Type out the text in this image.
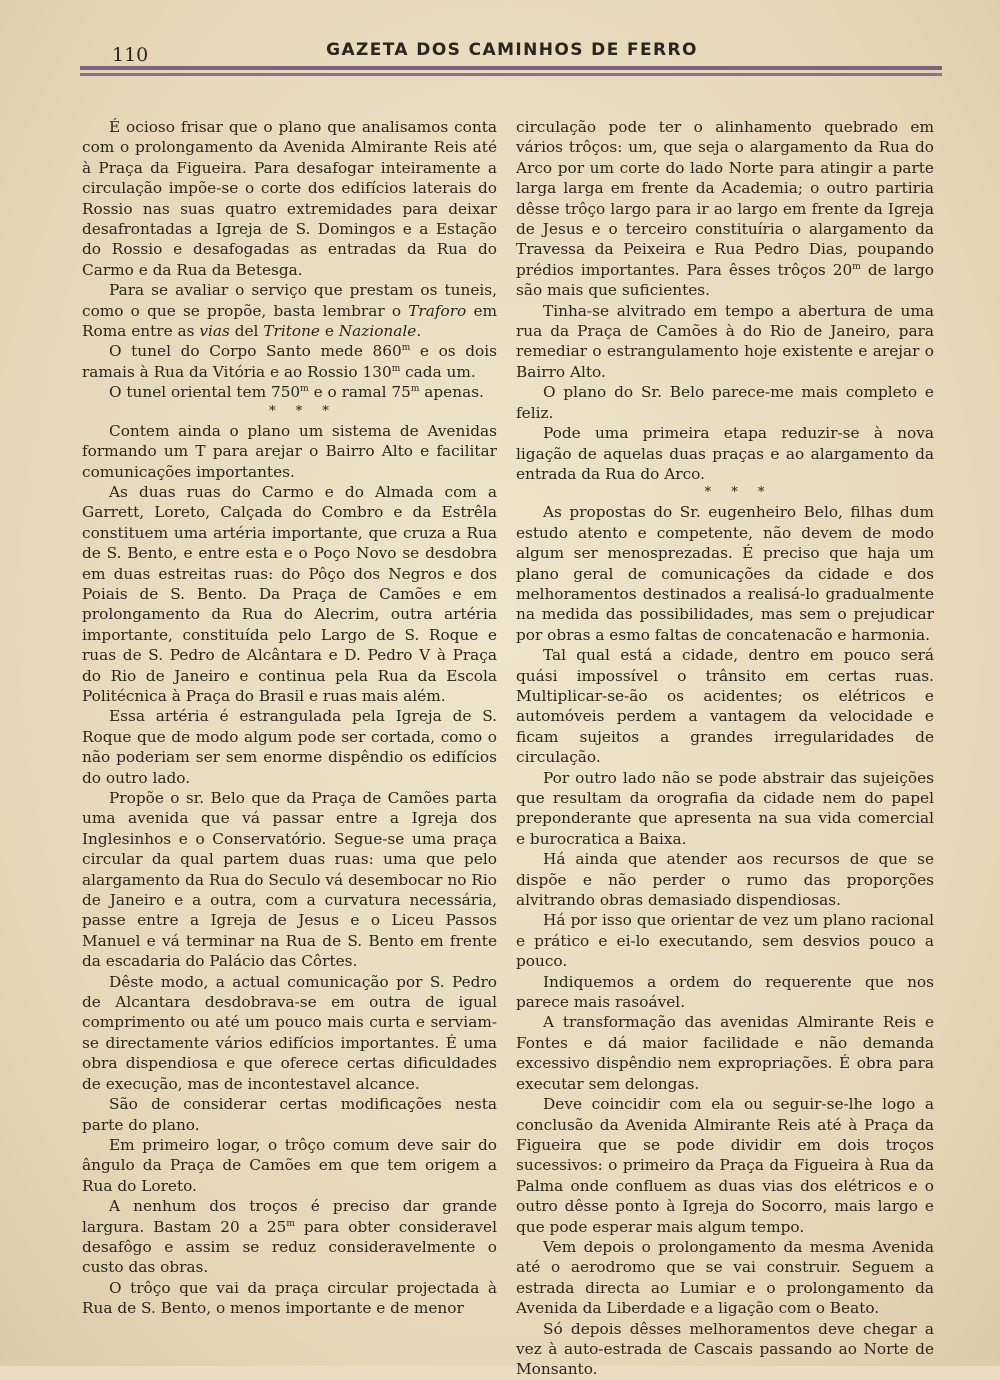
110	GAZETA DOS CAMINHOS DE FERRO

É ocioso frisar que o plano que analisamos conta com o prolongamento da Avenida Almirante Reis até à Praça da Figueira. Para desafogar inteiramente a circulação impõe-se o corte dos edifícios laterais do Rossio nas suas quatro extremidades para deixar desafrontadas a Igreja de S. Domingos e a Estação do Rossio e desafogadas as entradas da Rua do Carmo e da Rua da Betesga.

Para se avaliar o serviço que prestam os tuneis, como o que se propõe, basta lembrar o Traforo em Roma entre as vias del Tritone e Nazionale.

O tunel do Corpo Santo mede 860$^m$ e os dois ramais à Rua da Vitória e ao Rossio 130$^m$ cada um.

O tunel oriental tem 750$^m$ e o ramal 75$^m$ apenas.

* * *

Contem ainda o plano um sistema de Avenidas formando um T para arejar o Bairro Alto e facilitar comunicações importantes.

As duas ruas do Carmo e do Almada com a Garrett, Loreto, Calçada do Combro e da Estrêla constituem uma artéria importante, que cruza a Rua de S. Bento, e entre esta e o Poço Novo se desdobra em duas estreitas ruas: do Pôço dos Negros e dos Poiais de S. Bento. Da Praça de Camões e em prolongamento da Rua do Alecrim, outra artéria importante, constituída pelo Largo de S. Roque e ruas de S. Pedro de Alcântara e D. Pedro V à Praça do Rio de Janeiro e continua pela Rua da Escola Politécnica à Praça do Brasil e ruas mais além.

Essa artéria é estrangulada pela Igreja de S. Roque que de modo algum pode ser cortada, como o não poderiam ser sem enorme dispêndio os edifícios do outro lado.

Propõe o sr. Belo que da Praça de Camões parta uma avenida que vá passar entre a Igreja dos Inglesinhos e o Conservatório. Segue-se uma praça circular da qual partem duas ruas: uma que pelo alargamento da Rua do Seculo vá desembocar no Rio de Janeiro e a outra, com a curvatura necessária, passe entre a Igreja de Jesus e o Liceu Passos Manuel e vá terminar na Rua de S. Bento em frente da escadaria do Palácio das Côrtes.

Dêste modo, a actual comunicação por S. Pedro de Alcantara desdobrava-se em outra de igual comprimento ou até um pouco mais curta e serviam-se directamente vários edifícios importantes. É uma obra dispendiosa e que oferece certas dificuldades de execução, mas de incontestavel alcance.

São de considerar certas modificações nesta parte do plano.

Em primeiro logar, o trôço comum deve sair do ângulo da Praça de Camões em que tem origem a Rua do Loreto.

A nenhum dos troços é preciso dar grande largura. Bastam 20 a 25$^m$ para obter consideravel desafôgo e assim se reduz consideravelmente o custo das obras.

O trôço que vai da praça circular projectada à Rua de S. Bento, o menos importante e de menor

circulação pode ter o alinhamento quebrado em vários trôços: um, que seja o alargamento da Rua do Arco por um corte do lado Norte para atingir a parte larga larga em frente da Academia; o outro partiria dêsse trôço largo para ir ao largo em frente da Igreja de Jesus e o terceiro constituíria o alargamento da Travessa da Peixeira e Rua Pedro Dias, poupando prédios importantes. Para êsses trôços 20$^m$ de largo são mais que suficientes.

Tinha-se alvitrado em tempo a abertura de uma rua da Praça de Camões à do Rio de Janeiro, para remediar o estrangulamento hoje existente e arejar o Bairro Alto.

O plano do Sr. Belo parece-me mais completo e feliz.

Pode uma primeira etapa reduzir-se à nova ligação de aquelas duas praças e ao alargamento da entrada da Rua do Arco.

* * *

As propostas do Sr. eugenheiro Belo, filhas dum estudo atento e competente, não devem de modo algum ser menosprezadas. É preciso que haja um plano geral de comunicações da cidade e dos melhoramentos destinados a realisá-lo gradualmente na medida das possibilidades, mas sem o prejudicar por obras a esmo faltas de concatenacão e harmonia.

Tal qual está a cidade, dentro em pouco será quási impossível o trânsito em certas ruas. Multiplicar-se-ão os acidentes; os elétricos e automóveis perdem a vantagem da velocidade e ficam sujeitos a grandes irregularidades de circulação.

Por outro lado não se pode abstrair das sujeições que resultam da orografia da cidade nem do papel preponderante que apresenta na sua vida comercial e burocratica a Baixa.

Há ainda que atender aos recursos de que se dispõe e não perder o rumo das proporções alvitrando obras demasiado dispendiosas.

Há por isso que orientar de vez um plano racional e prático e ei-lo executando, sem desvios pouco a pouco.

Indiquemos a ordem do requerente que nos parece mais rasoável.

A transformação das avenidas Almirante Reis e Fontes e dá maior facilidade e não demanda excessivo dispêndio nem expropriações. É obra para executar sem delongas.

Deve coincidir com ela ou seguir-se-lhe logo a conclusão da Avenida Almirante Reis até à Praça da Figueira que se pode dividir em dois troços sucessivos: o primeiro da Praça da Figueira à Rua da Palma onde confluem as duas vias dos elétricos e o outro dêsse ponto à Igreja do Socorro, mais largo e que pode esperar mais algum tempo.

Vem depois o prolongamento da mesma Avenida até o aerodromo que se vai construir. Seguem a estrada directa ao Lumiar e o prolongamento da Avenida da Liberdade e a ligação com o Beato.

Só depois dêsses melhoramentos deve chegar a vez à auto-estrada de Cascais passando ao Norte de Monsanto.
